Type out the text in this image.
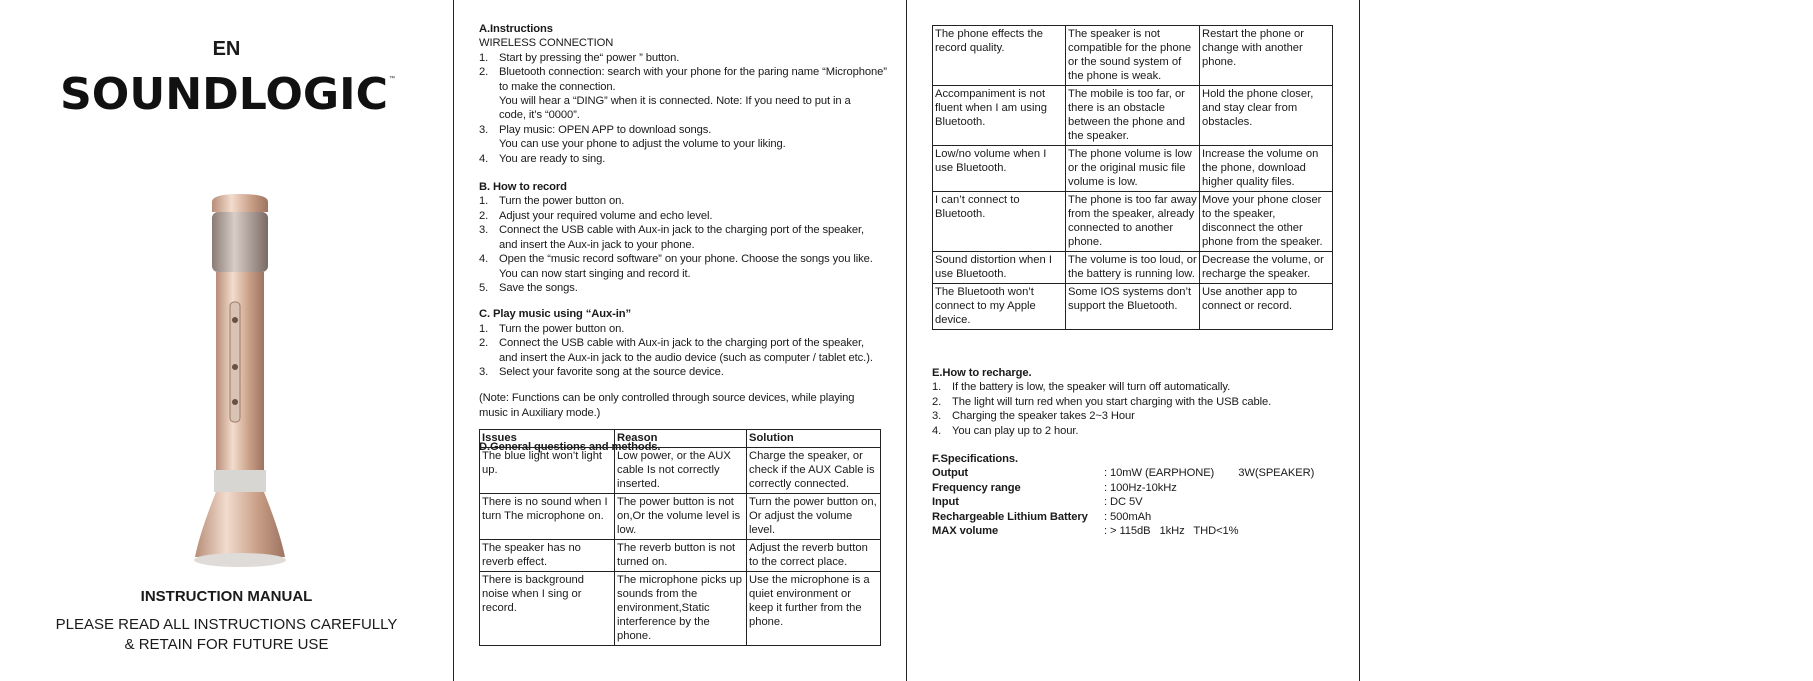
EN
SOUNDLOGIC ™
INSTRUCTION MANUAL
PLEASE READ ALL INSTRUCTIONS CAREFULLY
& RETAIN FOR FUTURE USE
A.Instructions
WIRELESS CONNECTION
1. Start by pressing the“ power ” button.
2. Bluetooth connection: search with your phone for the paring name “Microphone”
to make the connection.
You will hear a “DING” when it is connected. Note: If you need to put in a
code, it’s “0000”.
3. Play music: OPEN APP to download songs.
You can use your phone to adjust the volume to your liking.
4. You are ready to sing.
B. How to record
1. Turn the power button on.
2. Adjust your required volume and echo level.
3. Connect the USB cable with Aux-in jack to the charging port of the speaker,
and insert the Aux-in jack to your phone.
4. Open the “music record software” on your phone. Choose the songs you like.
You can now start singing and record it.
5. Save the songs.
C. Play music using “Aux-in”
1. Turn the power button on.
2. Connect the USB cable with Aux-in jack to the charging port of the speaker,
and insert the Aux-in jack to the audio device (such as computer / tablet etc.).
3. Select your favorite song at the source device.
(Note: Functions can be only controlled through source devices, while playing
music in Auxiliary mode.)
D.General questions and methods.
Issues	Reason	Solution
The blue light won’t light up.	Low power, or the AUX cable Is not correctly inserted.	Charge the speaker, or check if the AUX Cable is correctly connected.
There is no sound when I turn The microphone on.	The power button is not on,Or the volume level is low.	Turn the power button on, Or adjust the volume level.
The speaker has no reverb effect.	The reverb button is not turned on.	Adjust the reverb button to the correct place.
There is background noise when I sing or record.	The microphone picks up sounds from the environment,Static interference by the phone.	Use the microphone is a quiet environment or keep it further from the phone.
The phone effects the record quality.	The speaker is not compatible for the phone or the sound system of the phone is weak.	Restart the phone or change with another phone.
Accompaniment is not fluent when I am using Bluetooth.	The mobile is too far, or there is an obstacle between the phone and the speaker.	Hold the phone closer, and stay clear from obstacles.
Low/no volume when I use Bluetooth.	The phone volume is low or the original music file volume is low.	Increase the volume on the phone, download higher quality files.
I can’t connect to Bluetooth.	The phone is too far away from the speaker, already connected to another phone.	Move your phone closer to the speaker, disconnect the other phone from the speaker.
Sound distortion when I use Bluetooth.	The volume is too loud, or the battery is running low.	Decrease the volume, or recharge the speaker.
The Bluetooth won’t connect to my Apple device.	Some IOS systems don’t support the Bluetooth.	Use another app to connect or record.
E.How to recharge.
1. If the battery is low, the speaker will turn off automatically.
2. The light will turn red when you start charging with the USB cable.
3. Charging the speaker takes 2~3 Hour
4. You can play up to 2 hour.
F.Specifications.
Output	: 10mW (EARPHONE)        3W(SPEAKER)
Frequency range	: 100Hz-10kHz
Input	: DC 5V
Rechargeable Lithium Battery	: 500mAh
MAX volume	: > 115dB   1kHz   THD<1%
